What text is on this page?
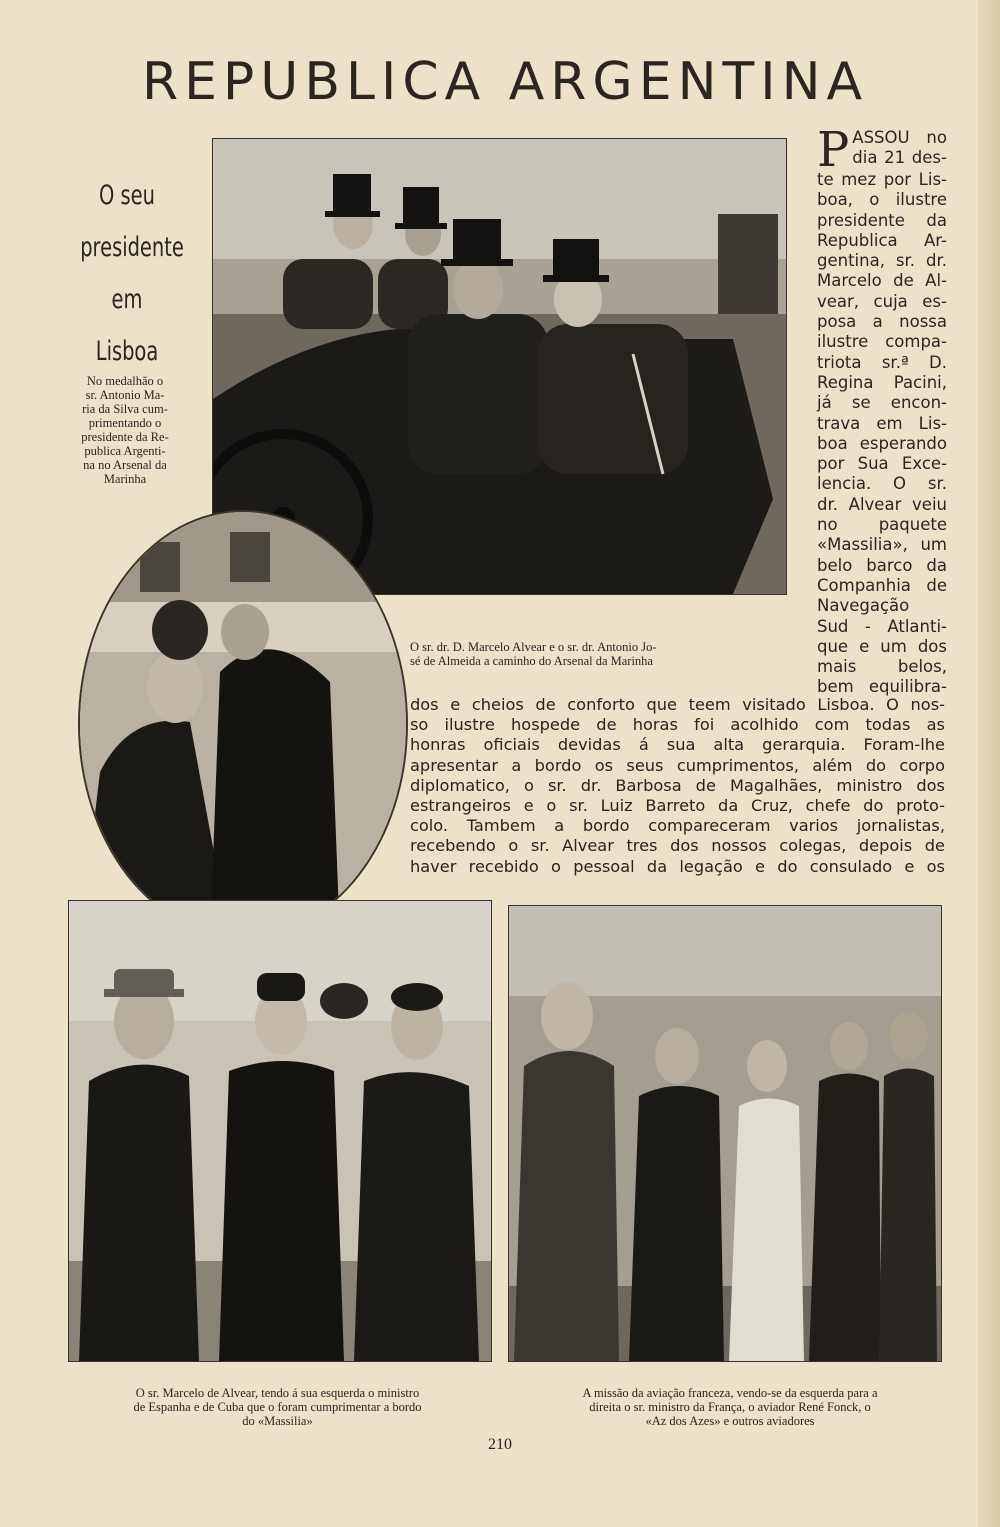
REPUBLICA ARGENTINA
O seu
presidente
em Lisboa
No medalhão o
sr. Antonio Ma-
ria da Silva cum-
primentando o
presidente da Re-
publica Argenti-
na no Arsenal da
Marinha
O sr. dr. D. Marcelo Alvear e o sr. dr. Antonio Jo-
sé de Almeida a caminho do Arsenal da Marinha
P ASSOU no
dia 21 des-
te mez por Lis-
boa, o ilustre
presidente da
Republica Ar-
gentina, sr. dr.
Marcelo de Al-
vear, cuja es-
posa a nossa
ilustre compa-
triota sr.ª D.
Regina Pacini,
já se encon-
trava em Lis-
boa esperando
por Sua Exce-
lencia. O sr.
dr. Alvear veiu
no paquete
«Massilia», um
belo barco da
Companhia de
Navegação
Sud - Atlanti-
que e um dos
mais belos,
bem equilibra-
dos e cheios de conforto que teem visitado Lisboa. O nos-
so ilustre hospede de horas foi acolhido com todas as
honras oficiais devidas á sua alta gerarquia. Foram-lhe
apresentar a bordo os seus cumprimentos, além do corpo
diplomatico, o sr. dr. Barbosa de Magalhães, ministro dos
estrangeiros e o sr. Luiz Barreto da Cruz, chefe do proto-
colo. Tambem a bordo compareceram varios jornalistas,
recebendo o sr. Alvear tres dos nossos colegas, depois de
haver recebido o pessoal da legação e do consulado e os
O sr. Marcelo de Alvear, tendo á sua esquerda o ministro
de Espanha e de Cuba que o foram cumprimentar a bordo
do «Massilia»
A missão da aviação franceza, vendo-se da esquerda para a
direita o sr. ministro da França, o aviador René Fonck, o
«Az dos Azes» e outros aviadores
210
